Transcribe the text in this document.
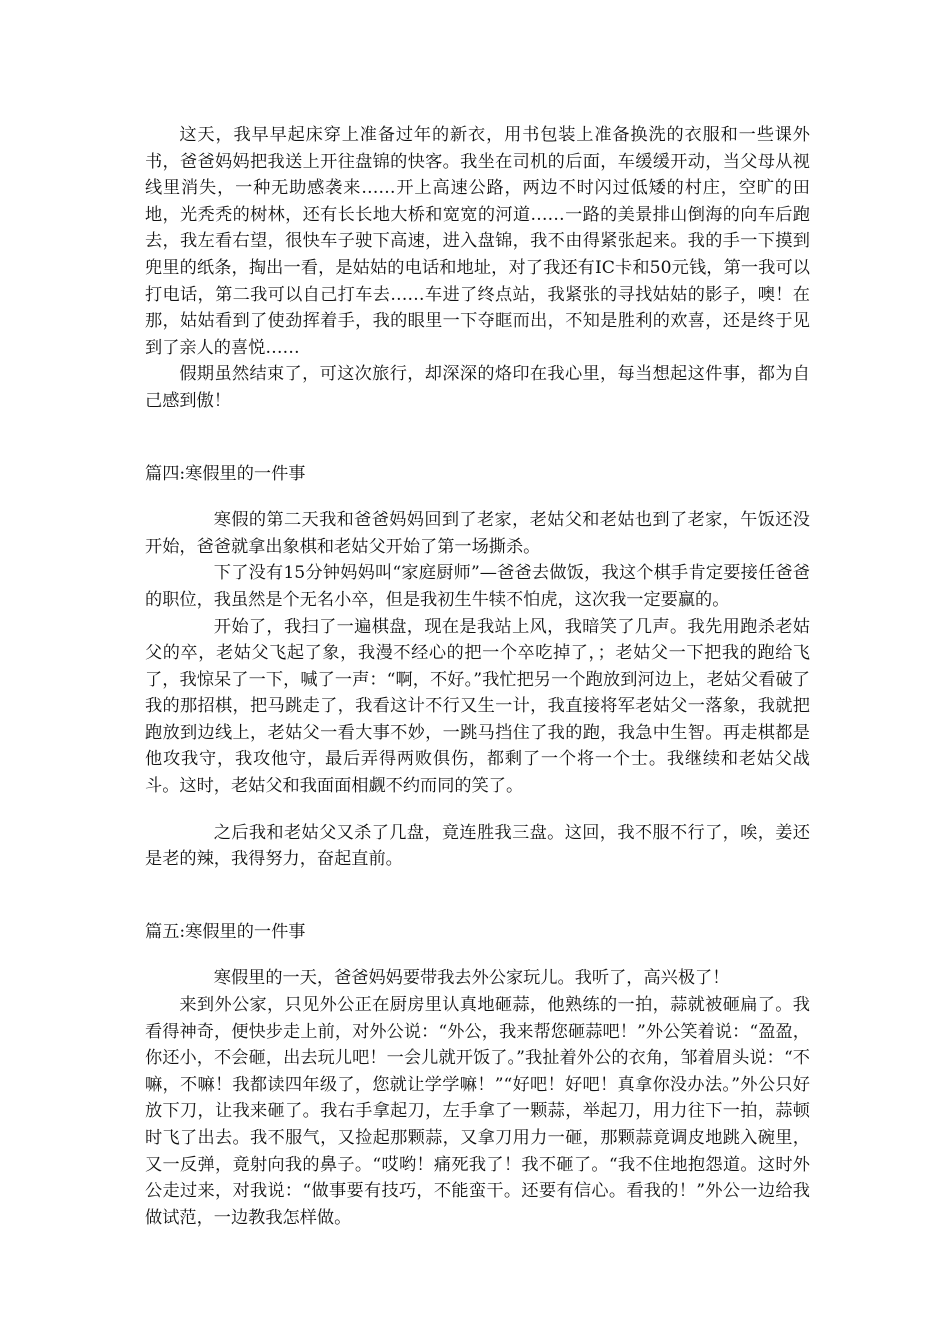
这天，我早早起床穿上准备过年的新衣，用书包装上准备换洗的衣服和一些课外书，爸爸妈妈把我送上开往盘锦的快客。我坐在司机的后面，车缓缓开动，当父母从视线里消失，一种无助感袭来……开上高速公路，两边不时闪过低矮的村庄，空旷的田地，光秃秃的树林，还有长长地大桥和宽宽的河道……一路的美景排山倒海的向车后跑去，我左看右望，很快车子驶下高速，进入盘锦，我不由得紧张起来。我的手一下摸到兜里的纸条，掏出一看，是姑姑的电话和地址，对了我还有IC卡和50元钱，第一我可以打电话，第二我可以自己打车去……车进了终点站，我紧张的寻找姑姑的影子，噢！在那，姑姑看到了使劲挥着手，我的眼里一下夺眶而出，不知是胜利的欢喜，还是终于见到了亲人的喜悦……

假期虽然结束了，可这次旅行，却深深的烙印在我心里，每当想起这件事，都为自己感到傲！

篇四:寒假里的一件事

寒假的第二天我和爸爸妈妈回到了老家，老姑父和老姑也到了老家，午饭还没开始，爸爸就拿出象棋和老姑父开始了第一场撕杀。

下了没有15分钟妈妈叫“家庭厨师”—爸爸去做饭，我这个棋手肯定要接任爸爸的职位，我虽然是个无名小卒，但是我初生牛犊不怕虎，这次我一定要赢的。

开始了，我扫了一遍棋盘，现在是我站上风，我暗笑了几声。我先用跑杀老姑父的卒，老姑父飞起了象，我漫不经心的把一个卒吃掉了，；老姑父一下把我的跑给飞了，我惊呆了一下，喊了一声：“啊，不好。”我忙把另一个跑放到河边上，老姑父看破了我的那招棋，把马跳走了，我看这计不行又生一计，我直接将军老姑父一落象，我就把跑放到边线上，老姑父一看大事不妙，一跳马挡住了我的跑，我急中生智。再走棋都是他攻我守，我攻他守，最后弄得两败俱伤，都剩了一个将一个士。我继续和老姑父战斗。这时，老姑父和我面面相觑不约而同的笑了。

之后我和老姑父又杀了几盘，竟连胜我三盘。这回，我不服不行了，唉，姜还是老的辣，我得努力，奋起直前。

篇五:寒假里的一件事

寒假里的一天，爸爸妈妈要带我去外公家玩儿。我听了，高兴极了！

来到外公家，只见外公正在厨房里认真地砸蒜，他熟练的一拍，蒜就被砸扁了。我看得神奇，便快步走上前，对外公说：“外公，我来帮您砸蒜吧！”外公笑着说：“盈盈，你还小，不会砸，出去玩儿吧！一会儿就开饭了。”我扯着外公的衣角，邹着眉头说：“不嘛，不嘛！我都读四年级了，您就让学学嘛！”“好吧！好吧！真拿你没办法。”外公只好放下刀，让我来砸了。我右手拿起刀，左手拿了一颗蒜，举起刀，用力往下一拍，蒜顿时飞了出去。我不服气，又捡起那颗蒜，又拿刀用力一砸，那颗蒜竟调皮地跳入碗里，又一反弹，竟射向我的鼻子。“哎哟！痛死我了！我不砸了。“我不住地抱怨道。这时外公走过来，对我说：“做事要有技巧，不能蛮干。还要有信心。看我的！”外公一边给我做试范，一边教我怎样做。
